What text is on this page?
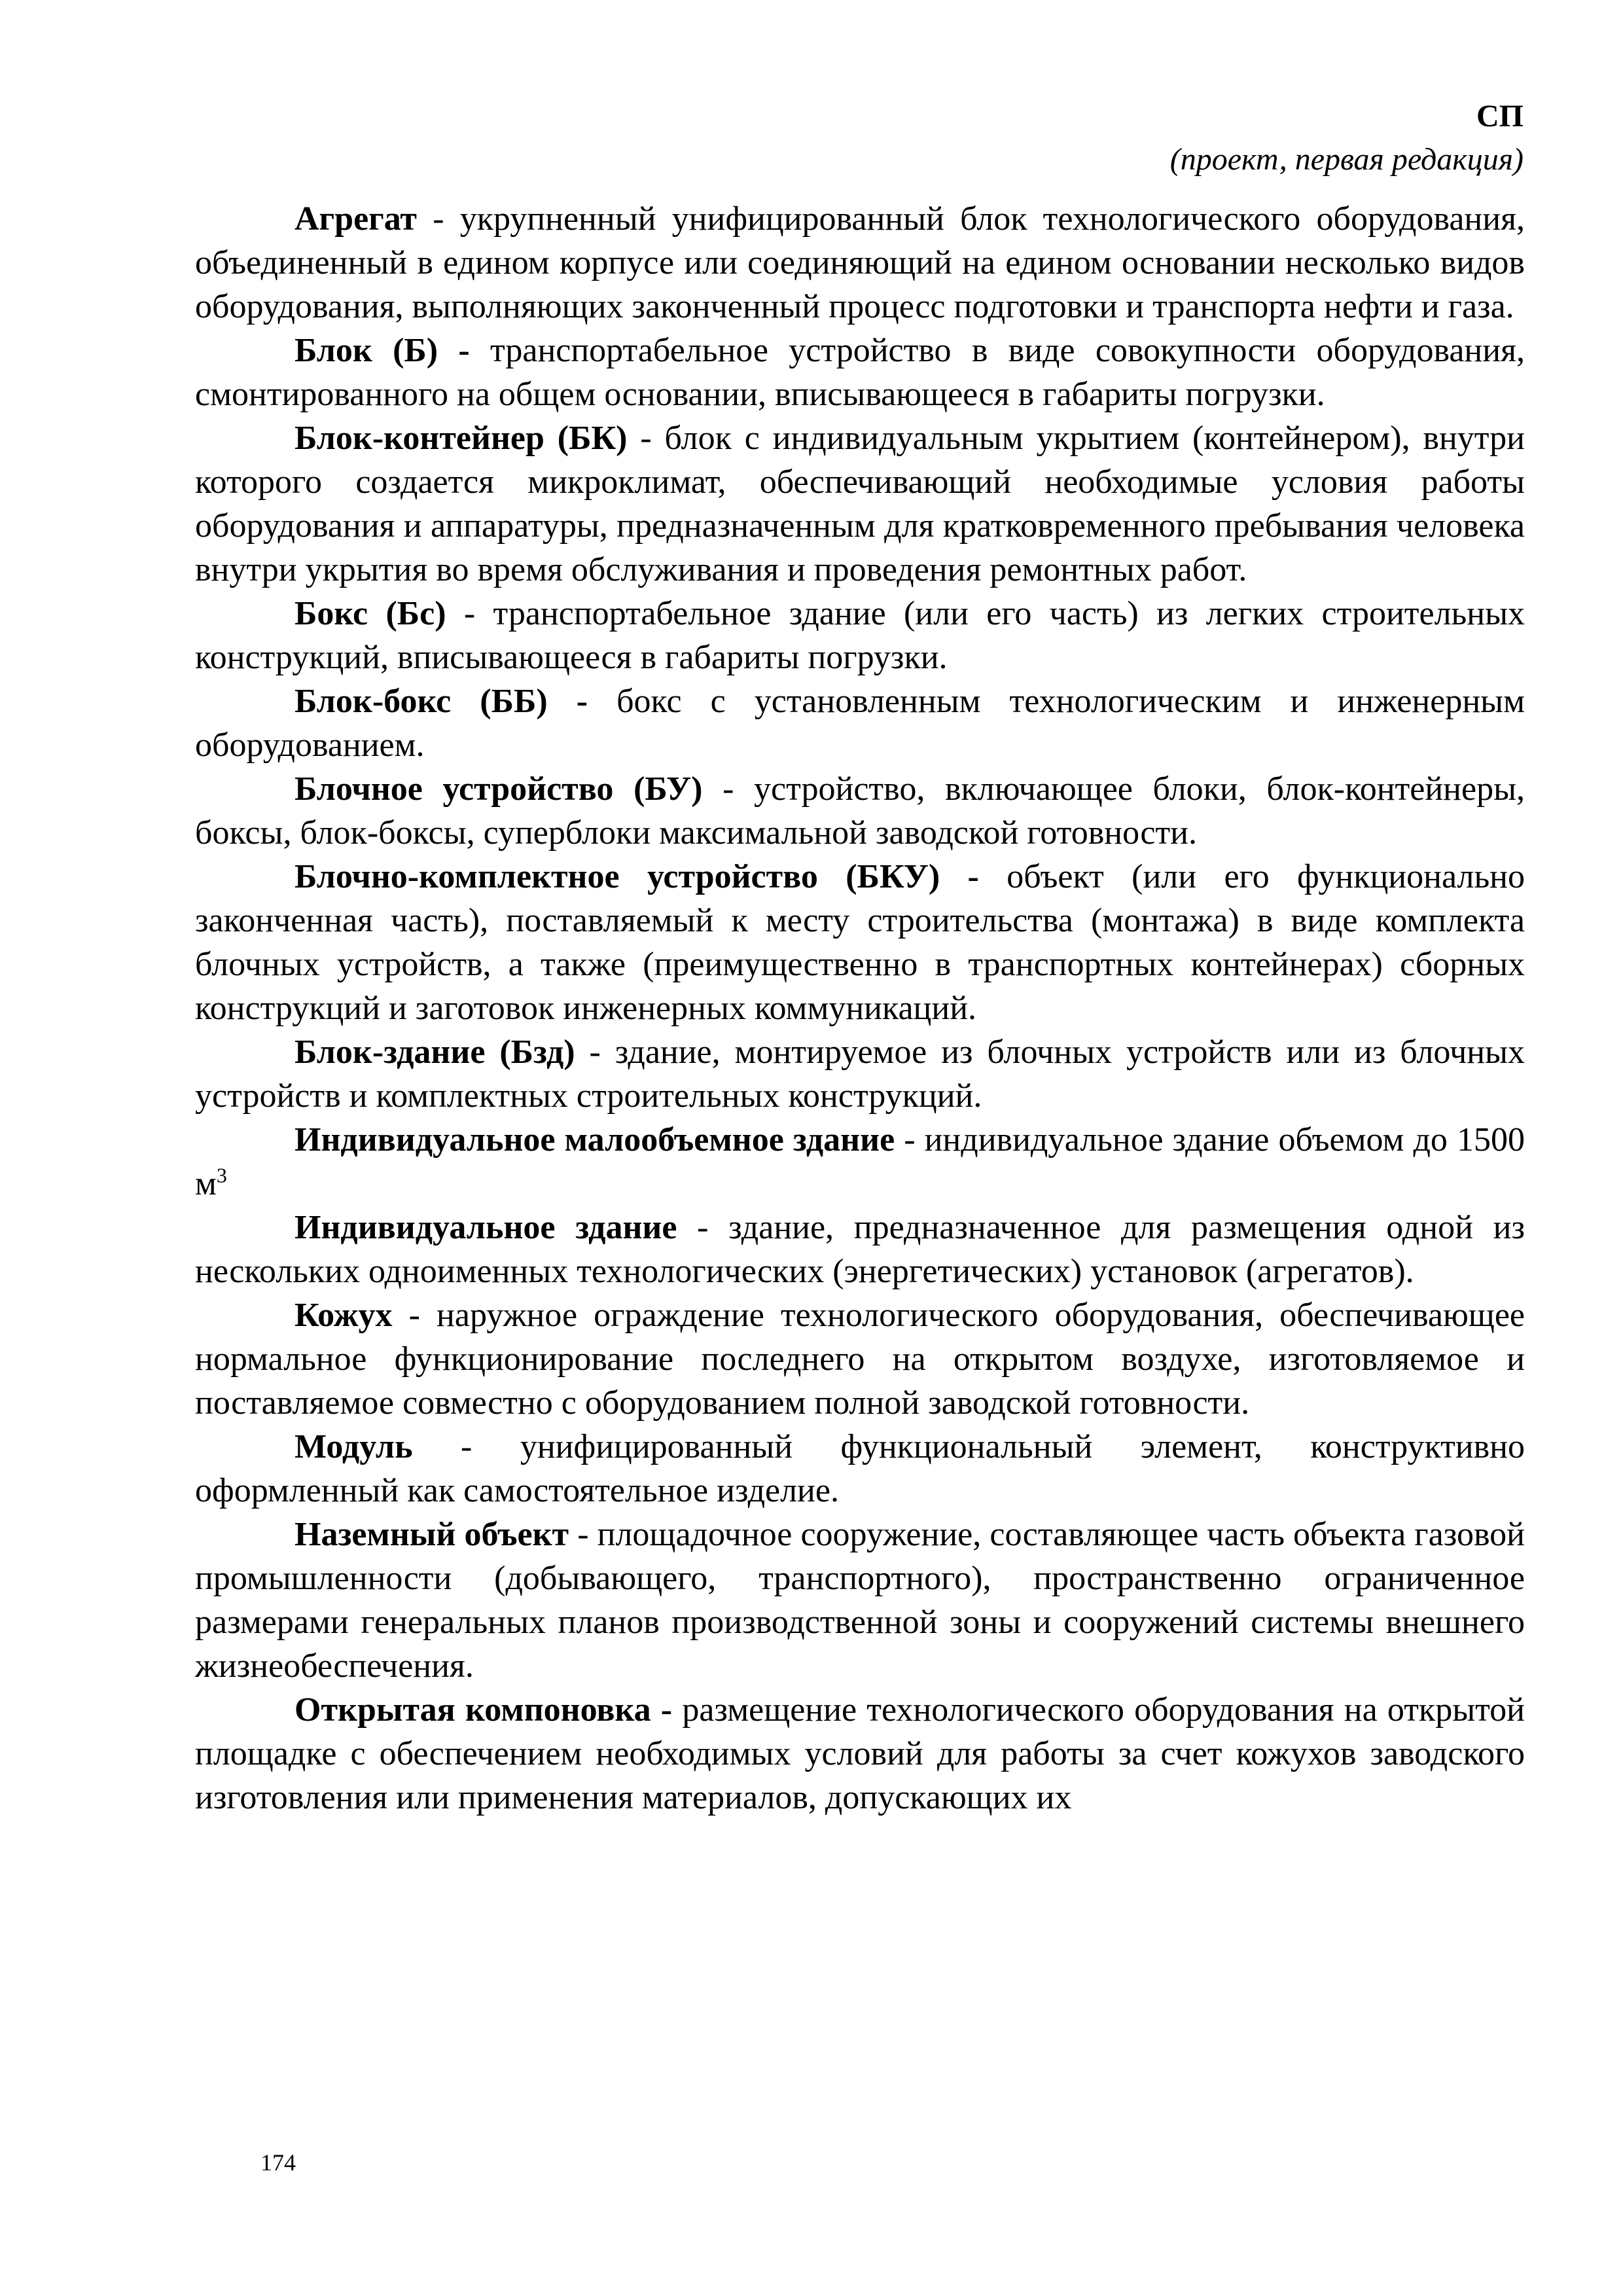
СП
(проект, первая редакция)

Агрегат - укрупненный унифицированный блок технологического оборудования, объединенный в едином корпусе или соединяющий на едином основании несколько видов оборудования, выполняющих законченный процесс подготовки и транспорта нефти и газа.

Блок (Б) - транспортабельное устройство в виде совокупности оборудования, смонтированного на общем основании, вписывающееся в габариты погрузки.

Блок-контейнер (БК) - блок с индивидуальным укрытием (контейнером), внутри которого создается микроклимат, обеспечивающий необходимые условия работы оборудования и аппаратуры, предназначенным для кратковременного пребывания человека внутри укрытия во время обслуживания и проведения ремонтных работ.

Бокс (Бс) - транспортабельное здание (или его часть) из легких строительных конструкций, вписывающееся в габариты погрузки.

Блок-бокс (ББ) - бокс с установленным технологическим и инженерным оборудованием.

Блочное устройство (БУ) - устройство, включающее блоки, блок-контейнеры, боксы, блок-боксы, суперблоки максимальной заводской готовности.

Блочно-комплектное устройство (БКУ) - объект (или его функционально законченная часть), поставляемый к месту строительства (монтажа) в виде комплекта блочных устройств, а также (преимущественно в транспортных контейнерах) сборных конструкций и заготовок инженерных коммуникаций.

Блок-здание (Бзд) - здание, монтируемое из блочных устройств или из блочных устройств и комплектных строительных конструкций.

Индивидуальное малообъемное здание - индивидуальное здание объемом до 1500 $м^3$

Индивидуальное здание - здание, предназначенное для размещения одной из нескольких одноименных технологических (энергетических) установок (агрегатов).

Кожух - наружное ограждение технологического оборудования, обеспечивающее нормальное функционирование последнего на открытом воздухе, изготовляемое и поставляемое совместно с оборудованием полной заводской готовности.

Модуль - унифицированный функциональный элемент, конструктивно оформленный как самостоятельное изделие.

Наземный объект - площадочное сооружение, составляющее часть объекта газовой промышленности (добывающего, транспортного), пространственно ограниченное размерами генеральных планов производственной зоны и сооружений системы внешнего жизнеобеспечения.

Открытая компоновка - размещение технологического оборудования на открытой площадке с обеспечением необходимых условий для работы за счет кожухов заводского изготовления или применения материалов, допускающих их

174
